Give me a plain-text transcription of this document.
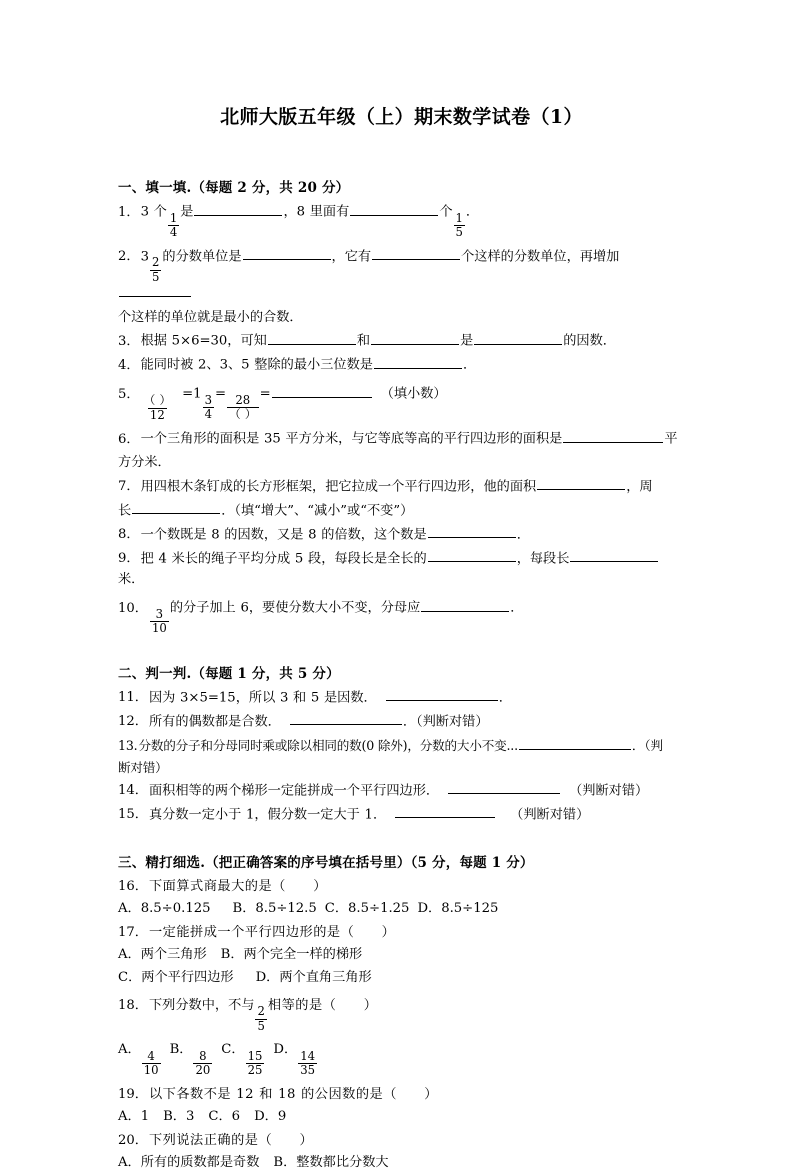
北师大版五年级（上）期末数学试卷（1）

一、填一填.（每题 2 分，共 20 分）

1．3 个
$\frac{1}{4}$
是	，8 里面有	个
$\frac{1}{5}$
．

2．3
$\frac{2}{5}$
的分数单位是	，它有	个这样的分数单位，再增加

个这样的单位就是最小的合数．

3．根据 5×6=30，可知	和	是	的因数．

4．能同时被 2、3、5 整除的最小三位数是	．

5．
$\frac{( )}{12}$
=1
$\frac{3}{4}$
=
$\frac{28}{( )}$
=	（填小数）

6．一个三角形的面积是 35 平方分米，与它等底等高的平行四边形的面积是	平

方分米．

7．用四根木条钉成的长方形框架，把它拉成一个平行四边形，他的面积	，周

长	．（填“增大”、“减小”或“不变”）

8．一个数既是 8 的因数，又是 8 的倍数，这个数是	．

9．把 4 米长的绳子平均分成 5 段，每段长是全长的	，每段长米．

10．
$\frac{3}{10}$
的分子加上 6，要使分数大小不变，分母应	．

二、判一判.（每题 1 分，共 5 分）

11．因为 3×5=15，所以 3 和 5 是因数．	．

12．所有的偶数都是合数．	．（判断对错）

13.分数的分子和分母同时乘或除以相同的数(0 除外)，分数的大小不变...	．（判

断对错）

14．面积相等的两个梯形一定能拼成一个平行四边形．	（判断对错）

15．真分数一定小于 1，假分数一定大于 1．	（判断对错）

三、精打细选.（把正确答案的序号填在括号里）（5 分，每题 1 分）

16．下面算式商最大的是（　　）

A．8.5÷0.125 B．8.5÷12.5 C．8.5÷1.25 D．8.5÷125

17．一定能拼成一个平行四边形的是（　　）

A．两个三角形 B．两个完全一样的梯形

C．两个平行四边形 D．两个直角三角形

18．下列分数中，不与
$\frac{2}{5}$
相等的是（　　）

A．
$\frac{4}{10}$
B．
$\frac{8}{20}$
C．
$\frac{15}{25}$
D．
$\frac{14}{35}$

19．以下各数不是 12 和 18 的公因数的是（　　）

A．1 B．3 C．6 D．9

20．下列说法正确的是（　　）

A．所有的质数都是奇数 B．整数都比分数大
